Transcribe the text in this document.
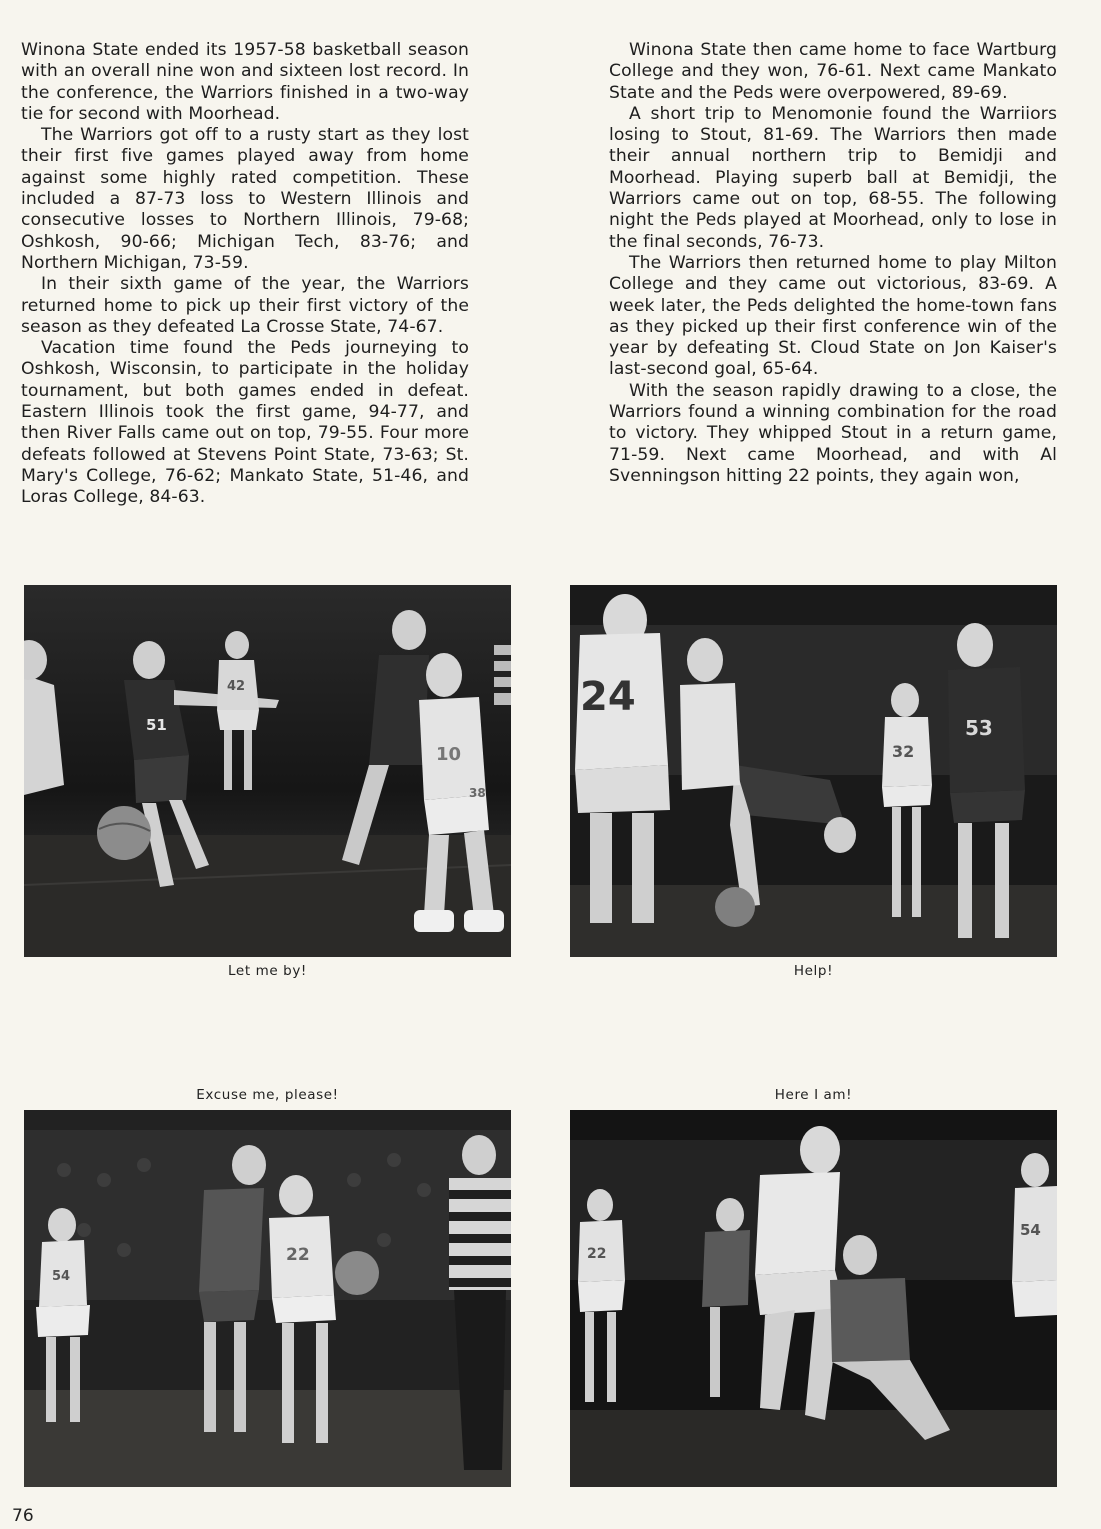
Winona State ended its 1957-58 basketball season with an overall nine won and sixteen lost record. In the conference, the Warriors finished in a two-way tie for second with Moorhead.

The Warriors got off to a rusty start as they lost their first five games played away from home against some highly rated competition. These included a 87-73 loss to Western Illinois and consecutive losses to Northern Illinois, 79-68; Oshkosh, 90-66; Michigan Tech, 83-76; and Northern Michigan, 73-59.

In their sixth game of the year, the Warriors returned home to pick up their first victory of the season as they defeated La Crosse State, 74-67.

Vacation time found the Peds journeying to Oshkosh, Wisconsin, to participate in the holiday tournament, but both games ended in defeat. Eastern Illinois took the first game, 94-77, and then River Falls came out on top, 79-55. Four more defeats followed at Stevens Point State, 73-63; St. Mary's College, 76-62; Mankato State, 51-46, and Loras College, 84-63.

Winona State then came home to face Wartburg College and they won, 76-61. Next came Mankato State and the Peds were overpowered, 89-69.

A short trip to Menomonie found the Warriiors losing to Stout, 81-69. The Warriors then made their annual northern trip to Bemidji and Moorhead. Playing superb ball at Bemidji, the Warriors came out on top, 68-55. The following night the Peds played at Moorhead, only to lose in the final seconds, 76-73.

The Warriors then returned home to play Milton College and they came out victorious, 83-69. A week later, the Peds delighted the home-town fans as they picked up their first conference win of the year by defeating St. Cloud State on Jon Kaiser's last-second goal, 65-64.

With the season rapidly drawing to a close, the Warriors found a winning combination for the road to victory. They whipped Stout in a return game, 71-59. Next came Moorhead, and with Al Svenningson hitting 22 points, they again won,

51
42
10
38
Let me by!
24
32
53
Help!
Excuse me, please!
54
22
Here I am!
22
54
76
